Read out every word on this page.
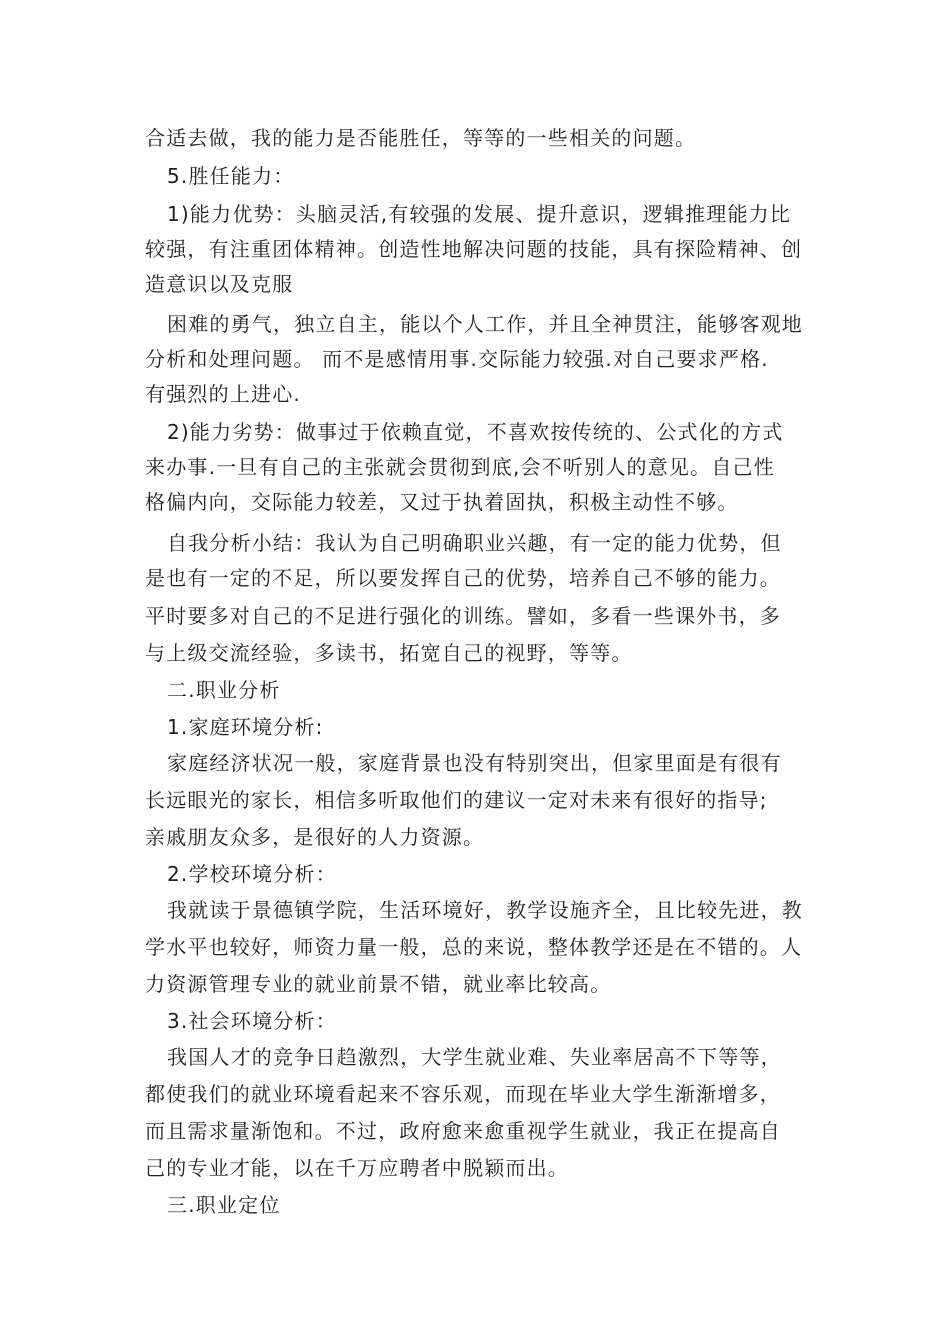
合适去做，我的能力是否能胜任，等等的一些相关的问题。
5.胜任能力：
1)能力优势：头脑灵活,有较强的发展、提升意识，逻辑推理能力比
较强，有注重团体精神。创造性地解决问题的技能，具有探险精神、创
造意识以及克服
困难的勇气，独立自主，能以个人工作，并且全神贯注，能够客观地
分析和处理问题。 而不是感情用事.交际能力较强.对自己要求严格.
有强烈的上进心.
2)能力劣势：做事过于依赖直觉，不喜欢按传统的、公式化的方式
来办事.一旦有自己的主张就会贯彻到底,会不听别人的意见。自己性
格偏内向，交际能力较差，又过于执着固执，积极主动性不够。
自我分析小结：我认为自己明确职业兴趣，有一定的能力优势，但
是也有一定的不足，所以要发挥自己的优势，培养自己不够的能力。
平时要多对自己的不足进行强化的训练。譬如，多看一些课外书，多
与上级交流经验，多读书，拓宽自己的视野，等等。
二.职业分析
1.家庭环境分析:
家庭经济状况一般，家庭背景也没有特别突出，但家里面是有很有
长远眼光的家长，相信多听取他们的建议一定对未来有很好的指导;
亲戚朋友众多，是很好的人力资源。
2.学校环境分析：
我就读于景德镇学院，生活环境好，教学设施齐全，且比较先进，教
学水平也较好，师资力量一般，总的来说，整体教学还是在不错的。人
力资源管理专业的就业前景不错，就业率比较高。
3.社会环境分析：
我国人才的竞争日趋激烈，大学生就业难、失业率居高不下等等，
都使我们的就业环境看起来不容乐观，而现在毕业大学生渐渐增多，
而且需求量渐饱和。不过，政府愈来愈重视学生就业，我正在提高自
己的专业才能，以在千万应聘者中脱颖而出。
三.职业定位
